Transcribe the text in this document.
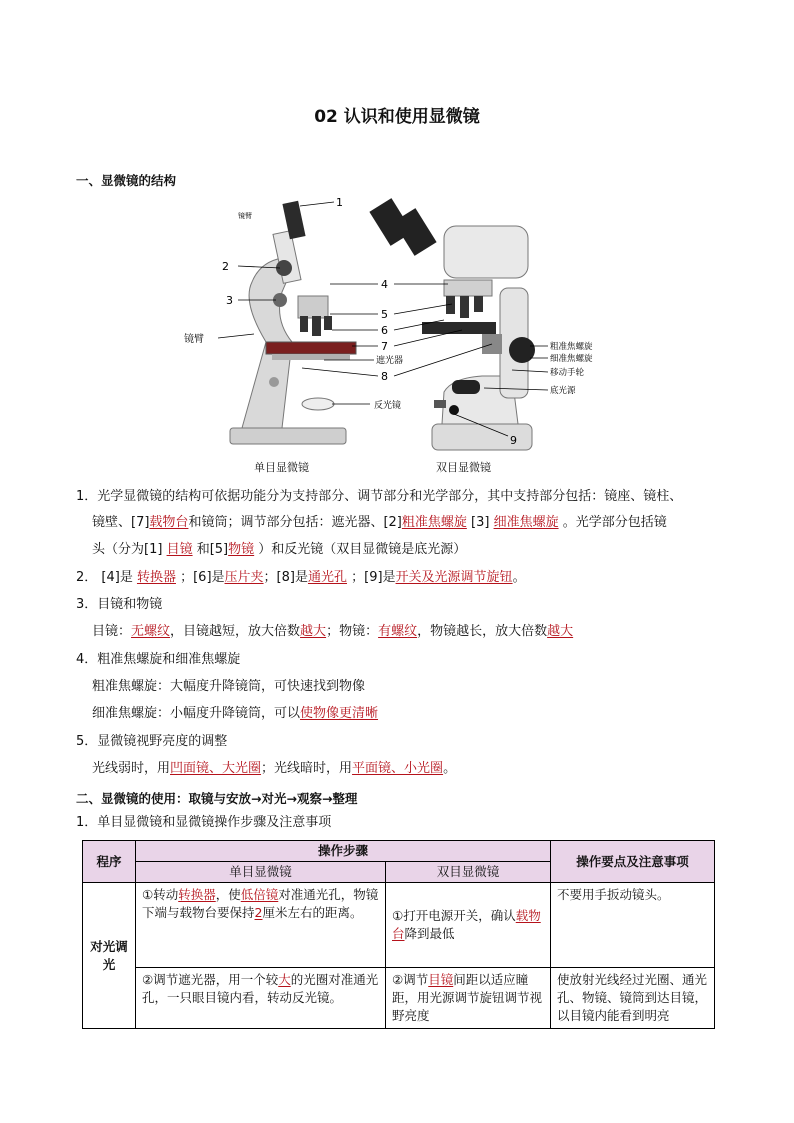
02 认识和使用显微镜
一、显微镜的结构
1
2
3
4
5
6
7
8
9
镜臂
镜臂
遮光器
反光镜
粗准焦螺旋
细准焦螺旋
移动手轮
底光源
单目显微镜	双目显微镜
1．光学显微镜的结构可依据功能分为支持部分、调节部分和光学部分，其中支持部分包括：镜座、镜柱、
镜壁、[7]载物台和镜筒；调节部分包括：遮光器、[2]粗准焦螺旋 [3] 细准焦螺旋 。光学部分包括镜
头（分为[1] 目镜 和[5]物镜 ）和反光镜（双目显微镜是底光源）
2． [4]是 转换器 ；[6]是压片夹；[8]是通光孔 ；[9]是开关及光源调节旋钮。
3．目镜和物镜
目镜：无螺纹，目镜越短，放大倍数越大；物镜：有螺纹，物镜越长，放大倍数越大
4．粗准焦螺旋和细准焦螺旋
粗准焦螺旋：大幅度升降镜筒，可快速找到物像
细准焦螺旋：小幅度升降镜筒，可以使物像更清晰
5．显微镜视野亮度的调整
光线弱时，用凹面镜、大光圈；光线暗时，用平面镜、小光圈。
二、显微镜的使用：取镜与安放→对光→观察→整理
1．单目显微镜和显微镜操作步骤及注意事项
程序	操作步骤		操作要点及注意事项
	单目显微镜	双目显微镜	
对光调光	①转动转换器，使低倍镜对准通光孔，物镜下端与载物台要保持2厘米左右的距离。	①打开电源开关，确认载物台降到最低	不要用手扳动镜头。
	②调节遮光器，用一个较大的光圈对准通光孔，一只眼目镜内看，转动反光镜。	②调节目镜间距以适应瞳距，用光源调节旋钮调节视野亮度	使放射光线经过光圈、通光孔、物镜、镜筒到达目镜，以目镜内能看到明亮
